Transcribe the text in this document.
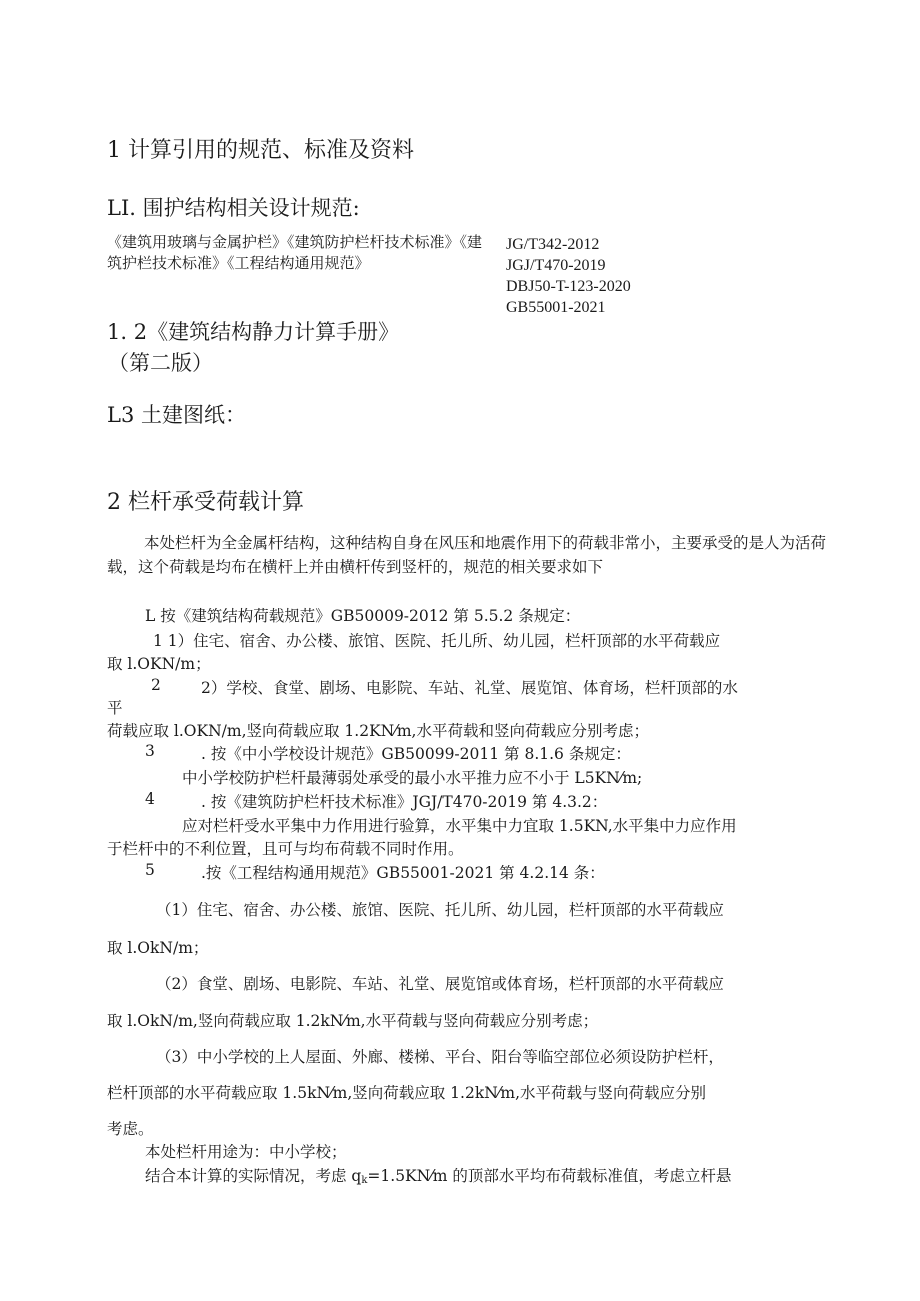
1 计算引用的规范、标准及资料
LI. 围护结构相关设计规范:
《建筑用玻璃与金属护栏》《建筑防护栏杆技术标准》《建筑护栏技术标准》《工程结构通用规范》
JG/T342-2012
JGJ/T470-2019
DBJ50-T-123-2020
GB55001-2021
1. 2《建筑结构静力计算手册》
（第二版）
L3 土建图纸：
2 栏杆承受荷载计算
本处栏杆为全金属杆结构，这种结构自身在风压和地震作用下的荷载非常小，主要承受的是人为活荷载，这个荷载是均布在横杆上并由横杆传到竖杆的，规范的相关要求如下
L 按《建筑结构荷载规范》GB50009-2012 第 5.5.2 条规定：
1 1）住宅、宿舍、办公楼、旅馆、医院、托儿所、幼儿园，栏杆顶部的水平荷载应
取 l.OKN/m；
2	2）学校、食堂、剧场、电影院、车站、礼堂、展览馆、体育场，栏杆顶部的水
平
荷载应取 l.OKN/m,竖向荷载应取 1.2KN⁄m,水平荷载和竖向荷载应分别考虑；
3	. 按《中小学校设计规范》GB50099-2011 第 8.1.6 条规定：
中小学校防护栏杆最薄弱处承受的最小水平推力应不小于 L5KN⁄m;
4	. 按《建筑防护栏杆技术标准》JGJ/T470-2019 第 4.3.2：
应对栏杆受水平集中力作用进行验算，水平集中力宜取 1.5KN,水平集中力应作用
于栏杆中的不利位置，且可与均布荷载不同时作用。
5	.按《工程结构通用规范》GB55001-2021 第 4.2.14 条：
（1）住宅、宿舍、办公楼、旅馆、医院、托儿所、幼儿园，栏杆顶部的水平荷载应
取 l.OkN/m；
（2）食堂、剧场、电影院、车站、礼堂、展览馆或体育场，栏杆顶部的水平荷载应
取 l.OkN/m,竖向荷载应取 1.2kN⁄m,水平荷载与竖向荷载应分别考虑；
（3）中小学校的上人屋面、外廊、楼梯、平台、阳台等临空部位必须设防护栏杆，
栏杆顶部的水平荷载应取 1.5kN⁄m,竖向荷载应取 1.2kN⁄m,水平荷载与竖向荷载应分别
考虑。
本处栏杆用途为：中小学校；
结合本计算的实际情况，考虑 $q_k=1.5KN⁄m$ 的顶部水平均布荷载标准值，考虑立杆悬
